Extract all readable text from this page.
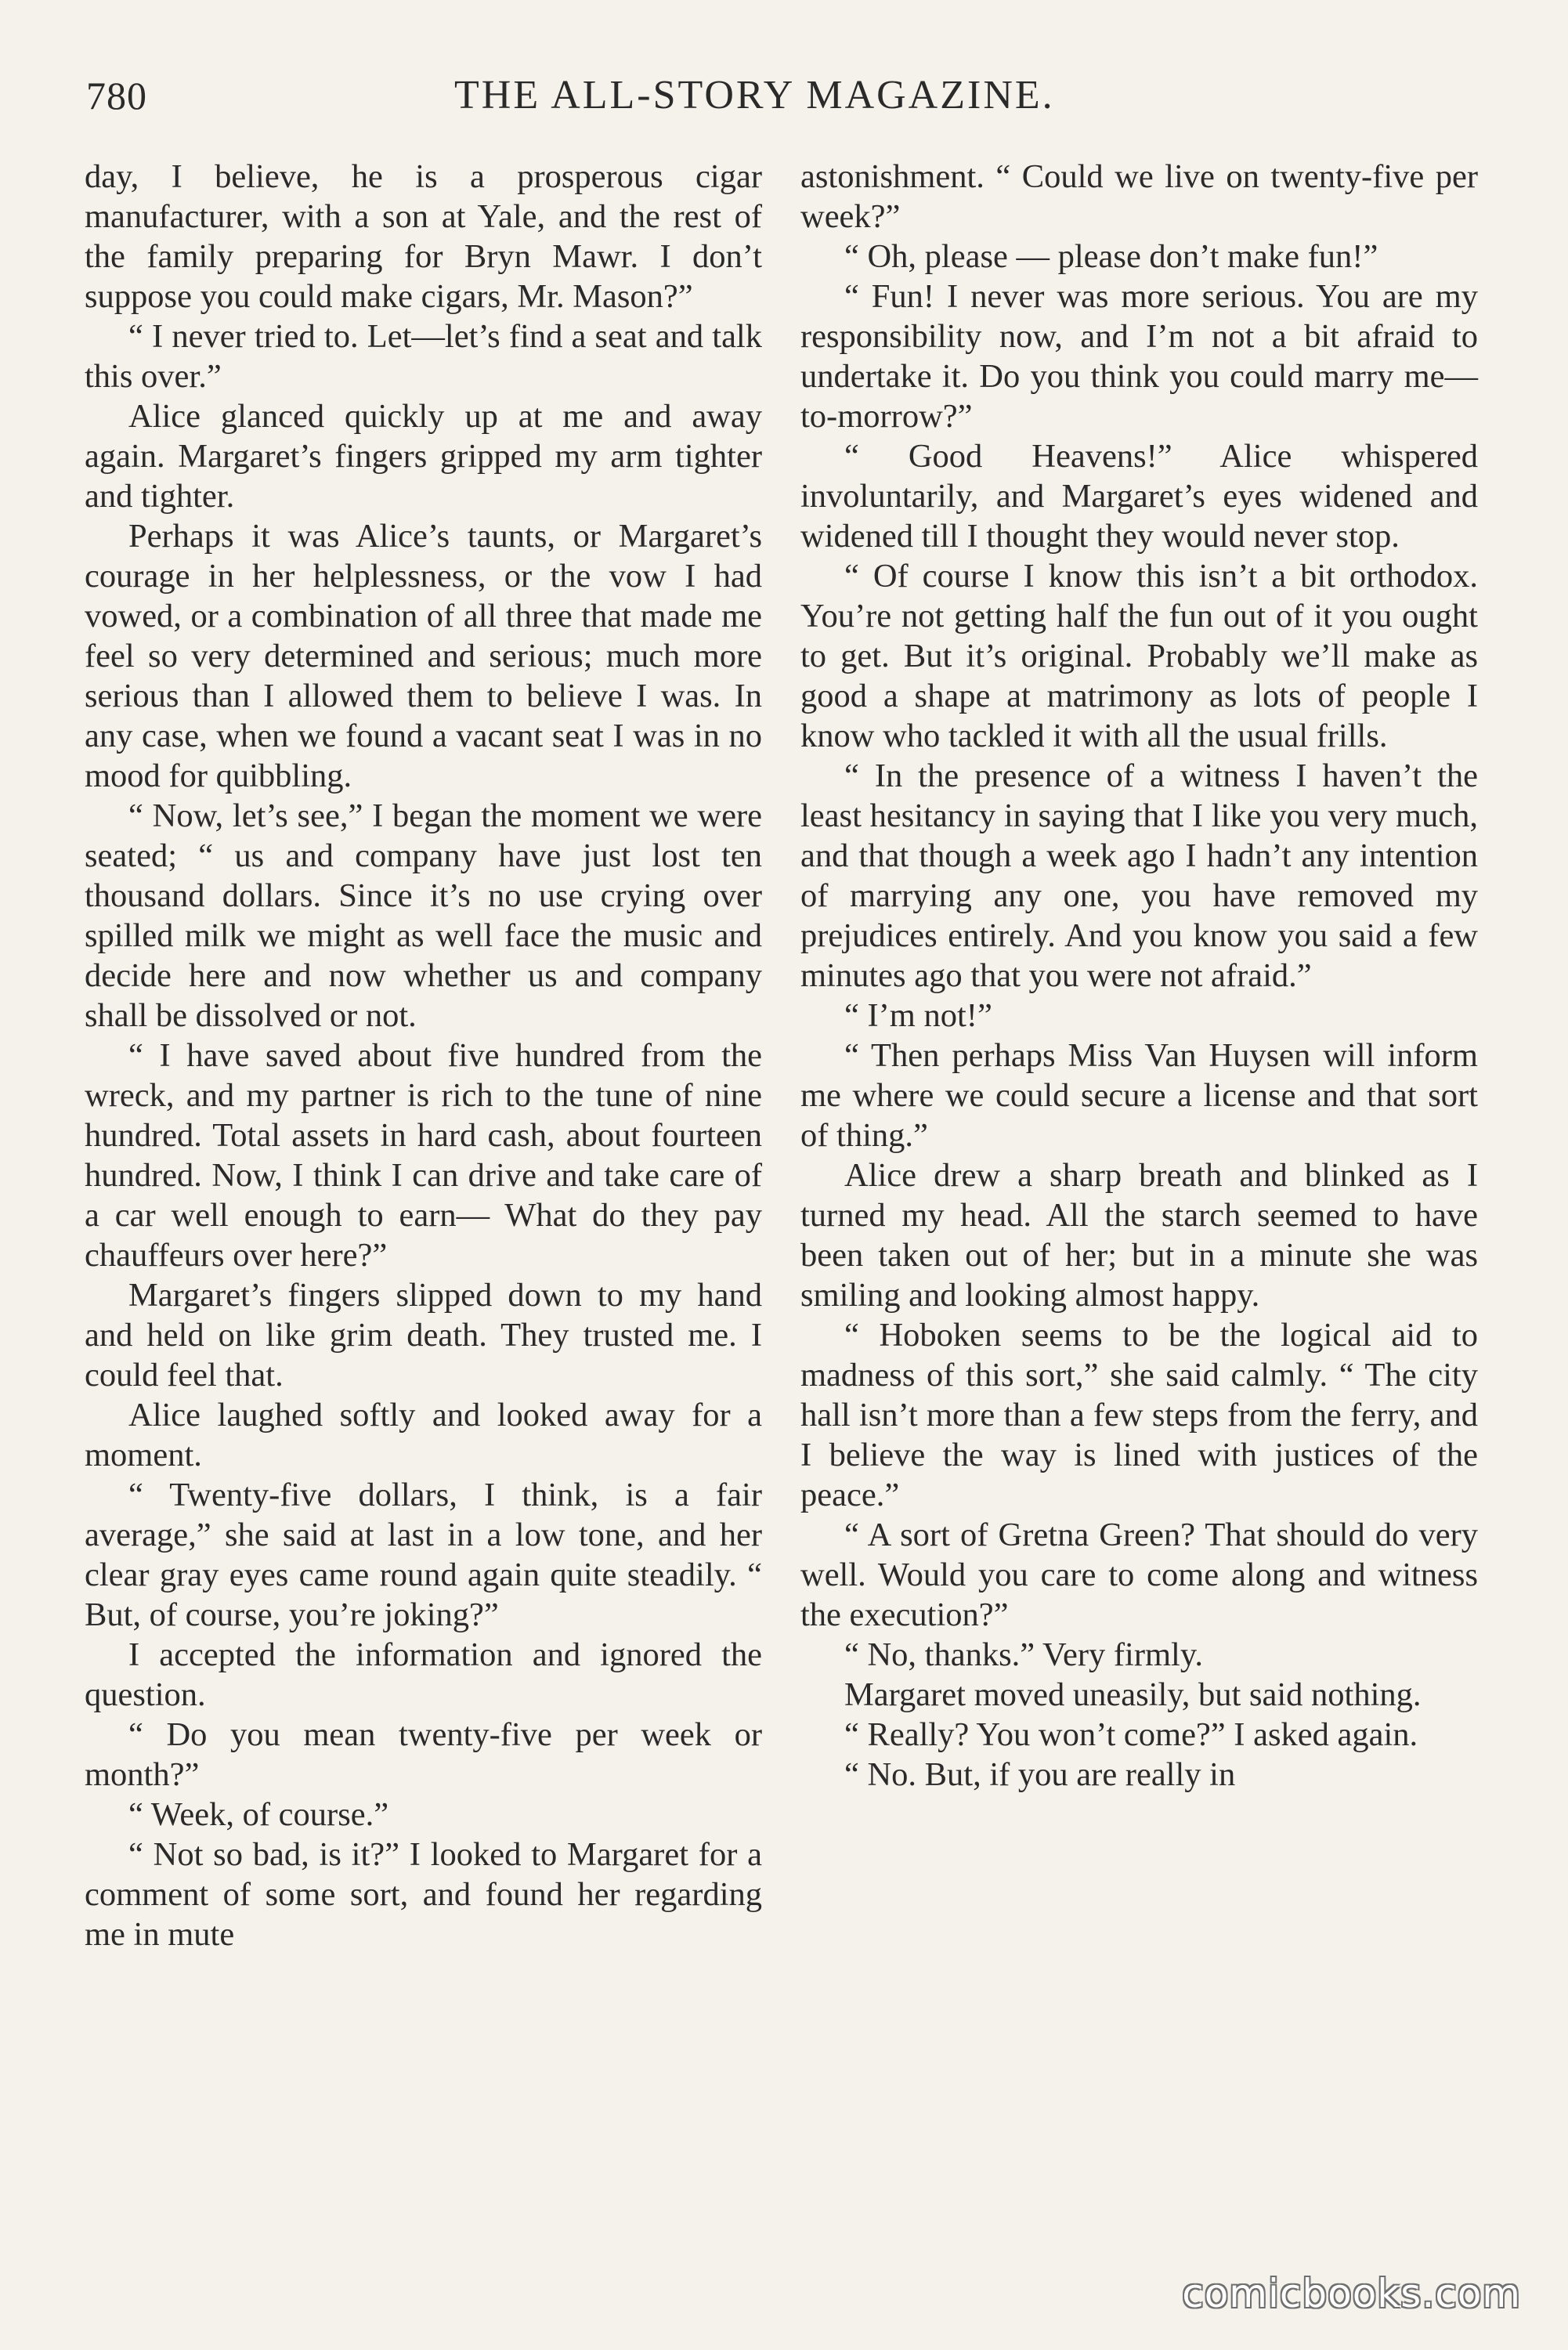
780	THE ALL-STORY MAGAZINE.

day, I believe, he is a prosperous cigar manufacturer, with a son at Yale, and the rest of the family preparing for Bryn Mawr. I don’t suppose you could make cigars, Mr. Mason?”

“ I never tried to. Let—let’s find a seat and talk this over.”

Alice glanced quickly up at me and away again. Margaret’s fingers gripped my arm tighter and tighter.

Perhaps it was Alice’s taunts, or Margaret’s courage in her helplessness, or the vow I had vowed, or a combination of all three that made me feel so very determined and serious; much more serious than I allowed them to believe I was. In any case, when we found a vacant seat I was in no mood for quibbling.

“ Now, let’s see,” I began the moment we were seated; “ us and company have just lost ten thousand dollars. Since it’s no use crying over spilled milk we might as well face the music and decide here and now whether us and company shall be dissolved or not.

“ I have saved about five hundred from the wreck, and my partner is rich to the tune of nine hundred. Total assets in hard cash, about fourteen hundred. Now, I think I can drive and take care of a car well enough to earn— What do they pay chauffeurs over here?”

Margaret’s fingers slipped down to my hand and held on like grim death. They trusted me. I could feel that.

Alice laughed softly and looked away for a moment.

“ Twenty-five dollars, I think, is a fair average,” she said at last in a low tone, and her clear gray eyes came round again quite steadily. “ But, of course, you’re joking?”

I accepted the information and ignored the question.

“ Do you mean twenty-five per week or month?”

“ Week, of course.”

“ Not so bad, is it?” I looked to Margaret for a comment of some sort, and found her regarding me in mute

astonishment. “ Could we live on twenty-five per week?”

“ Oh, please — please don’t make fun!”

“ Fun! I never was more serious. You are my responsibility now, and I’m not a bit afraid to undertake it. Do you think you could marry me—to-morrow?”

“ Good Heavens!” Alice whispered involuntarily, and Margaret’s eyes widened and widened till I thought they would never stop.

“ Of course I know this isn’t a bit orthodox. You’re not getting half the fun out of it you ought to get. But it’s original. Probably we’ll make as good a shape at matrimony as lots of people I know who tackled it with all the usual frills.

“ In the presence of a witness I haven’t the least hesitancy in saying that I like you very much, and that though a week ago I hadn’t any intention of marrying any one, you have removed my prejudices entirely. And you know you said a few minutes ago that you were not afraid.”

“ I’m not!”

“ Then perhaps Miss Van Huysen will inform me where we could secure a license and that sort of thing.”

Alice drew a sharp breath and blinked as I turned my head. All the starch seemed to have been taken out of her; but in a minute she was smiling and looking almost happy.

“ Hoboken seems to be the logical aid to madness of this sort,” she said calmly. “ The city hall isn’t more than a few steps from the ferry, and I believe the way is lined with justices of the peace.”

“ A sort of Gretna Green? That should do very well. Would you care to come along and witness the execution?”

“ No, thanks.” Very firmly.

Margaret moved uneasily, but said nothing.

“ Really? You won’t come?” I asked again.

“ No. But, if you are really in

comicbooks.com
